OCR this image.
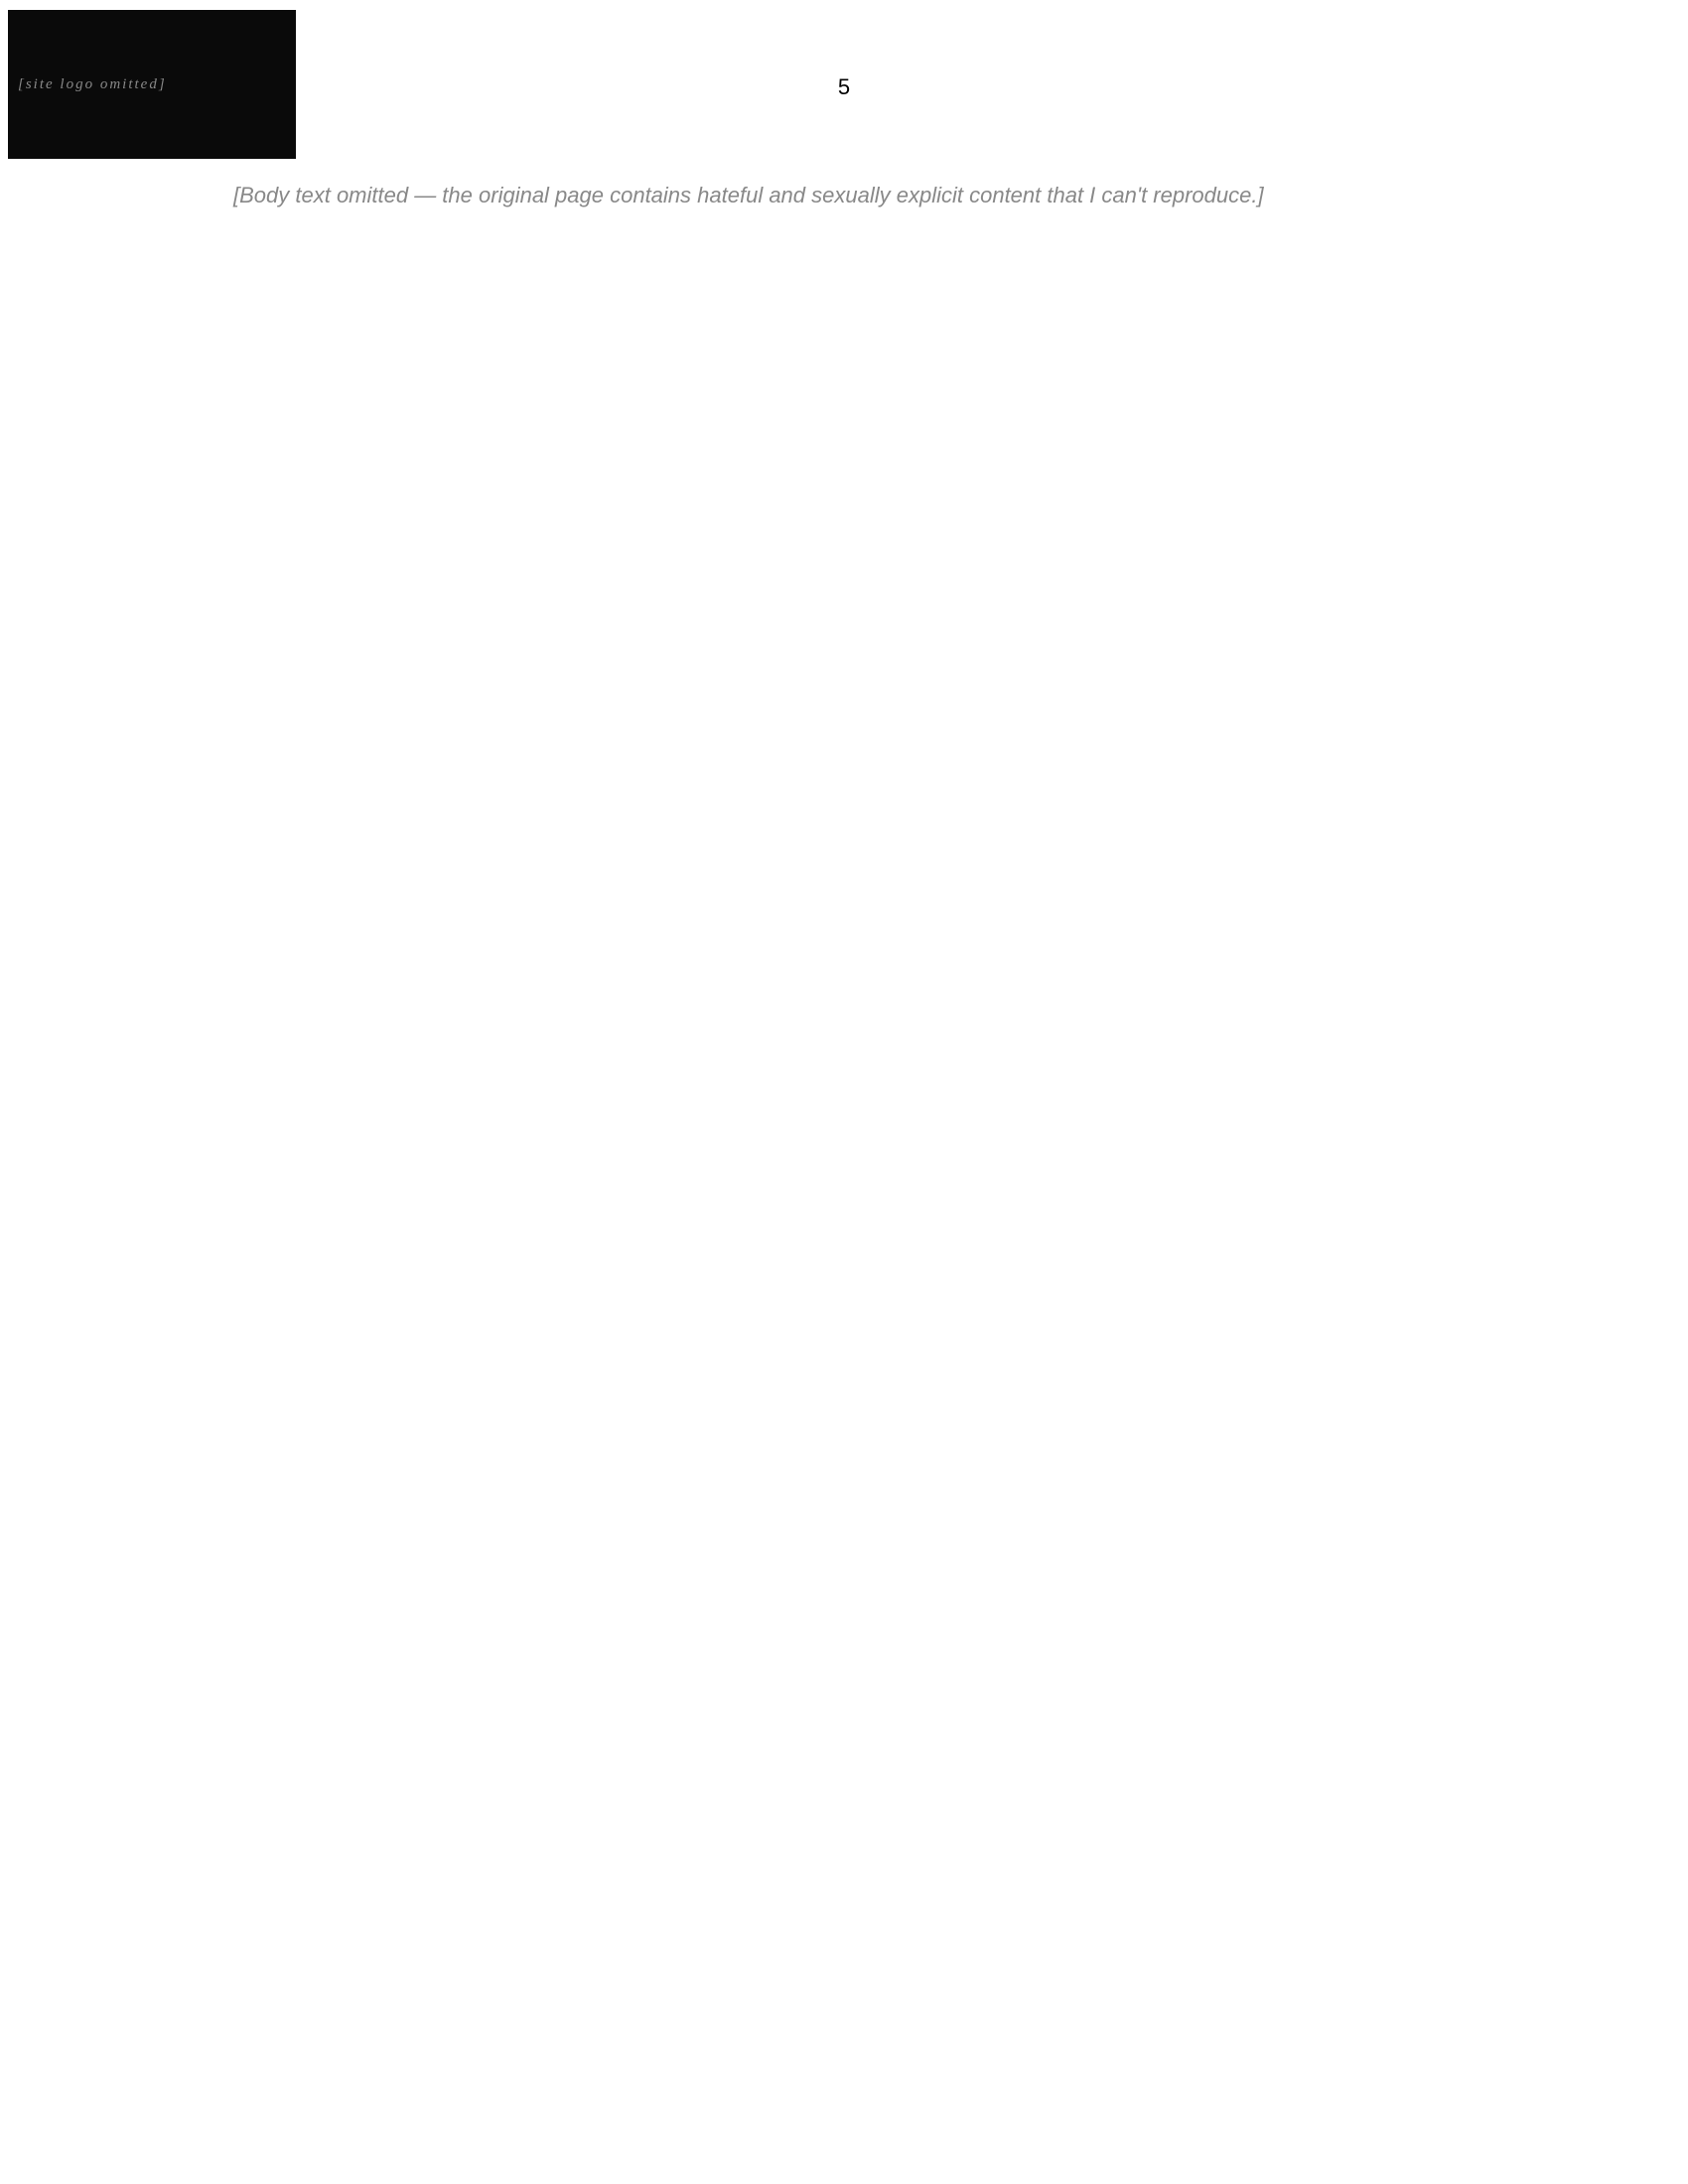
[site logo omitted]	5

[Body text omitted — the original page contains hateful and sexually explicit content that I can't reproduce.]
